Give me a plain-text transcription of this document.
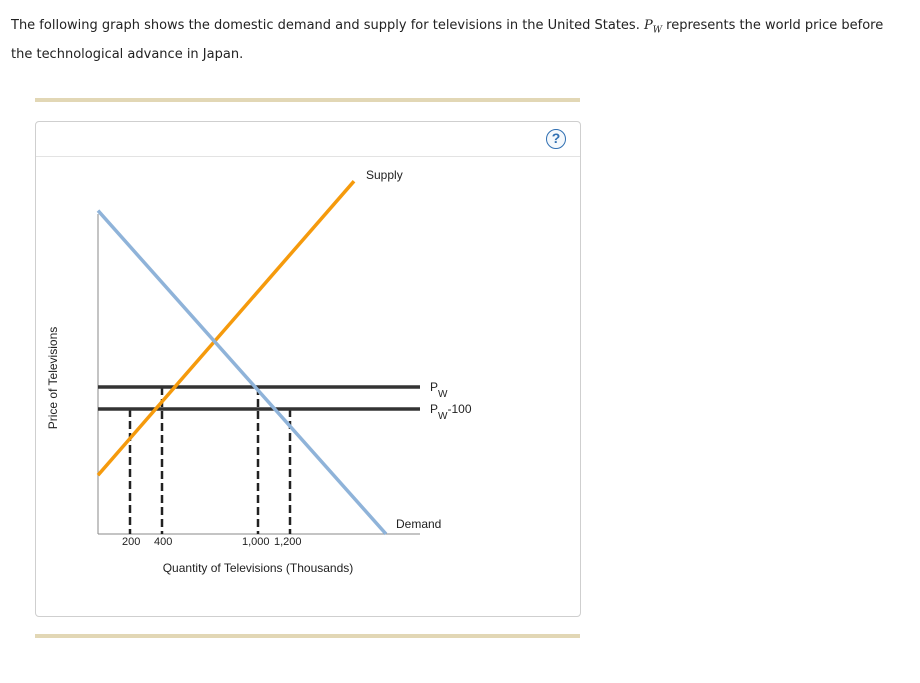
The following graph shows the domestic demand and supply for televisions in the United States. $P_W$ represents the world price before the technological advance in Japan.
?
200 400	1,000 1,200
Supply
Demand
$P_W$
$P_W-100$
Quantity of Televisions (Thousands)
Price of Televisions
